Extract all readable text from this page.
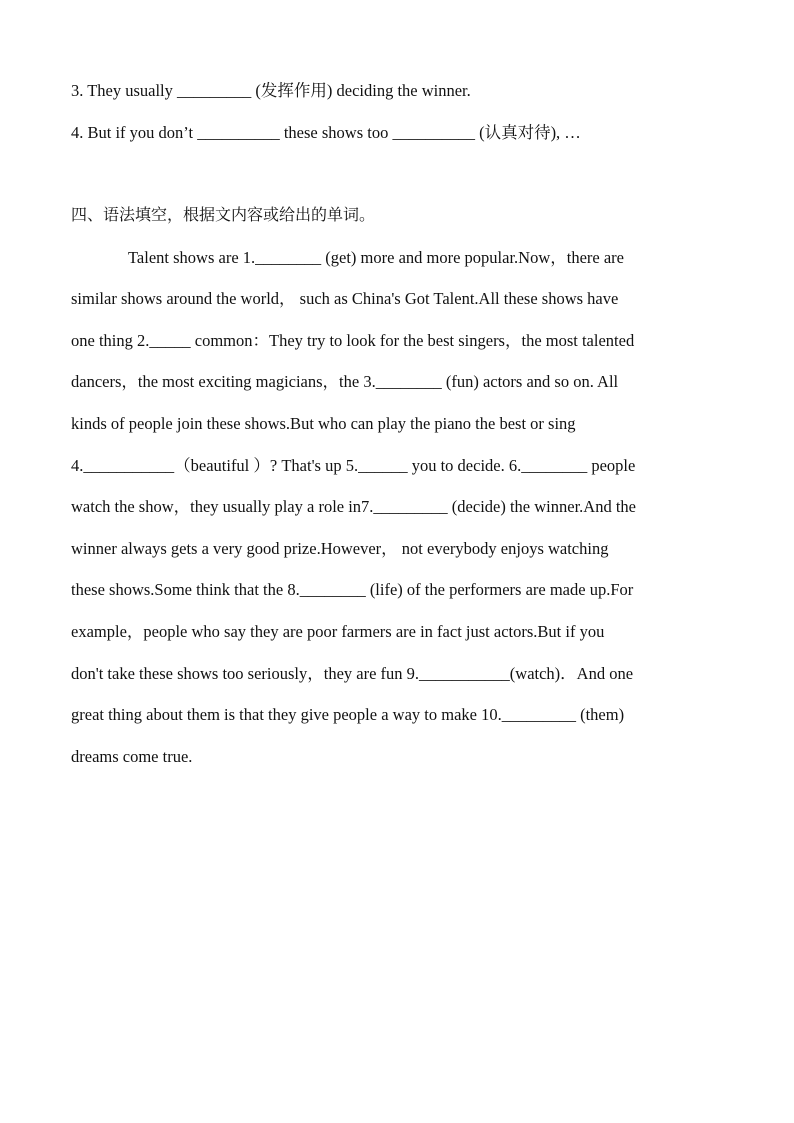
3. They usually _________ (发挥作用) deciding the winner.
4. But if you don’t __________ these shows too __________ (认真对待), …
四、语法填空，根据文内容或给出的单词。
Talent shows are 1.________ (get) more and more popular.Now，there are
similar shows around the world， such as China's Got Talent.All these shows have
one thing 2._____ common：They try to look for the best singers，the most talented
dancers，the most exciting magicians，the 3.________ (fun) actors and so on. All
kinds of people join these shows.But who can play the piano the best or sing
4.___________（beautiful ）? That's up 5.______ you to decide. 6.________ people
watch the show，they usually play a role in7._________ (decide) the winner.And the
winner always gets a very good prize.However， not everybody enjoys watching
these shows.Some think that the 8.________ (life) of the performers are made up.For
example，people who say they are poor farmers are in fact just actors.But if you
don't take these shows too seriously，they are fun 9.___________(watch)．And one
great thing about them is that they give people a way to make 10._________ (them)
dreams come true.
